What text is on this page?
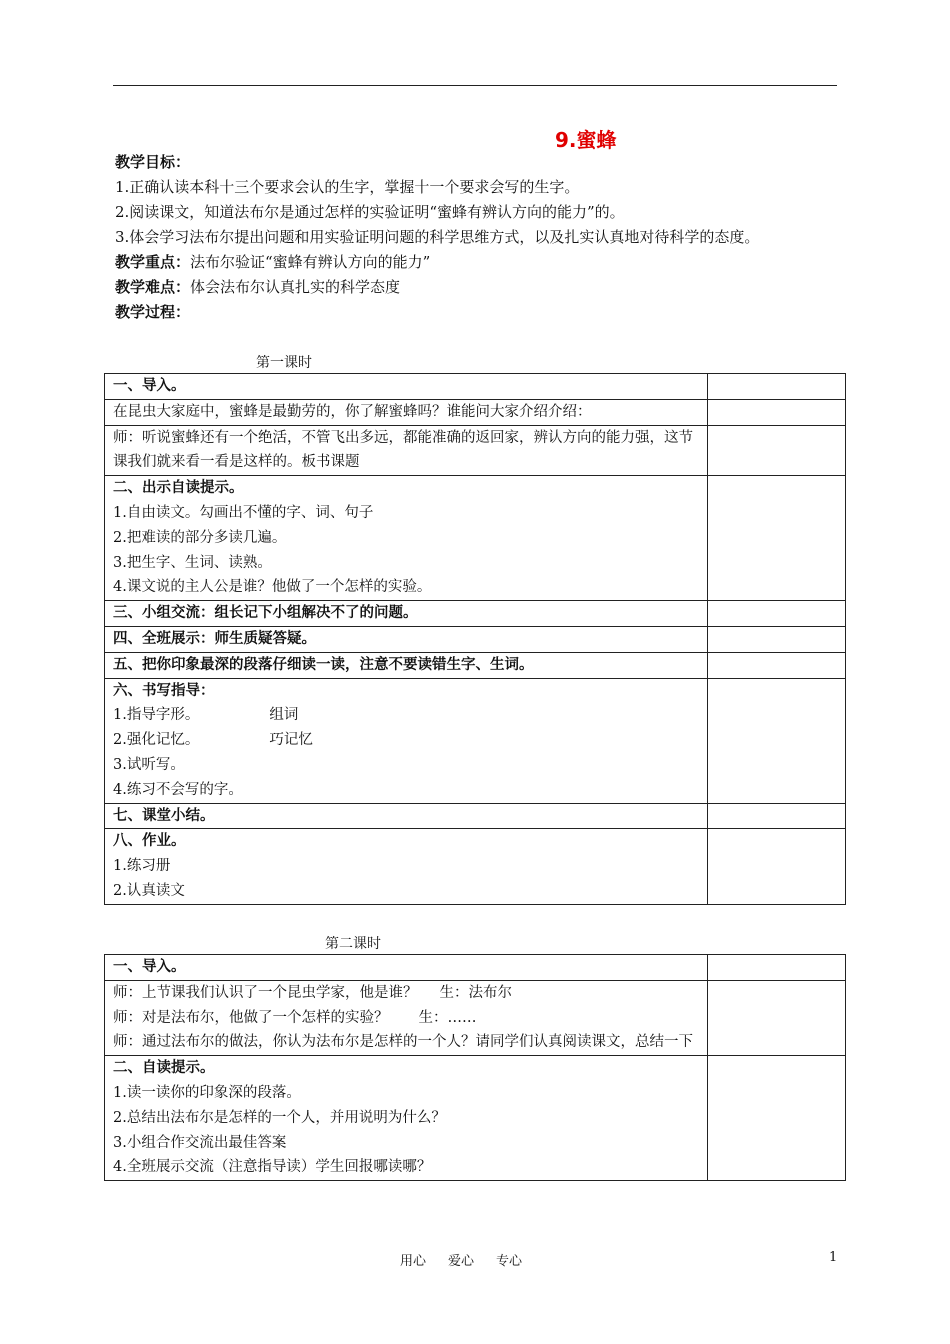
9.蜜蜂

教学目标：

1.正确认读本科十三个要求会认的生字，掌握十一个要求会写的生字。

2.阅读课文，知道法布尔是通过怎样的实验证明“蜜蜂有辨认方向的能力”的。

3.体会学习法布尔提出问题和用实验证明问题的科学思维方式，以及扎实认真地对待科学的态度。

教学重点：法布尔验证“蜜蜂有辨认方向的能力”

教学难点：体会法布尔认真扎实的科学态度

教学过程：

第一课时
一、导入。	
在昆虫大家庭中，蜜蜂是最勤劳的，你了解蜜蜂吗？谁能问大家介绍介绍：	
师：听说蜜蜂还有一个绝活，不管飞出多远，都能准确的返回家，辨认方向的能力强，这节课我们就来看一看是这样的。板书课题	

二、出示自读提示。

1.自由读文。勾画出不懂的字、词、句子

2.把难读的部分多读几遍。

3.把生字、生词、读熟。

4.课文说的主人公是谁？他做了一个怎样的实验。	

三、小组交流：组长记下小组解决不了的问题。	
四、全班展示：师生质疑答疑。	
五、把你印象最深的段落仔细读一读，注意不要读错生字、生词。	

六、书写指导：

1.指导字形。 组词

2.强化记忆。 巧记忆

3.试听写。

4.练习不会写的字。	

七、课堂小结。	

八、作业。

1.练习册

2.认真读文	

第二课时
一、导入。	

师：上节课我们认识了一个昆虫学家，他是谁？ 生：法布尔

师：对是法布尔，他做了一个怎样的实验？ 生：……

师：通过法布尔的做法，你认为法布尔是怎样的一个人？请同学们认真阅读课文，总结一下	

二、自读提示。

1.读一读你的印象深的段落。

2.总结出法布尔是怎样的一个人，并用说明为什么？

3.小组合作交流出最佳答案

4.全班展示交流（注意指导读）学生回报哪读哪？	

用心 爱心 专心	1
